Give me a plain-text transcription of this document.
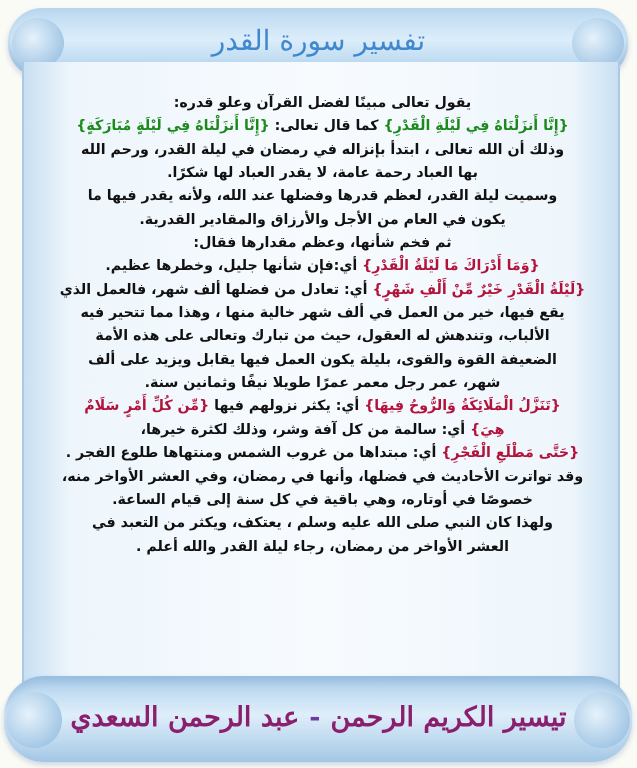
تفسير سورة القدر
يقول تعالى مبينًا لفضل القرآن وعلو قدره:
{إِنَّا أَنزَلْنَاهُ فِي لَيْلَةِ الْقَدْرِ} كما قال تعالى: {إِنَّا أَنزَلْنَاهُ فِي لَيْلَةٍ مُبَارَكَةٍ}
وذلك أن الله تعالى ، ابتدأ بإنزاله في رمضان في ليلة القدر، ورحم الله
بها العباد رحمة عامة، لا يقدر العباد لها شكرًا.
وسميت ليلة القدر، لعظم قدرها وفضلها عند الله، ولأنه يقدر فيها ما
يكون في العام من الأجل والأرزاق والمقادير القدرية.
ثم فخم شأنها، وعظم مقدارها فقال:
{وَمَا أَدْرَاكَ مَا لَيْلَةُ الْقَدْرِ} أي:فإن شأنها جليل، وخطرها عظيم.
{لَيْلَةُ الْقَدْرِ خَيْرٌ مِّنْ أَلْفِ شَهْرٍ} أي: تعادل من فضلها ألف شهر، فالعمل الذي
يقع فيها، خير من العمل في ألف شهر خالية منها ، وهذا مما تتحير فيه
الألباب، وتندهش له العقول، حيث من تبارك وتعالى على هذه الأمة
الضعيفة القوة والقوى، بليلة يكون العمل فيها يقابل ويزيد على ألف
شهر، عمر رجل معمر عمرًا طويلا نيفًا وثمانين سنة.
{تَنَزَّلُ الْمَلَائِكَةُ وَالرُّوحُ فِيهَا} أي: يكثر نزولهم فيها {مِّن كُلِّ أَمْرٍ سَلَامٌ
هِيَ} أي: سالمة من كل آفة وشر، وذلك لكثرة خيرها،
{حَتَّى مَطْلَعِ الْفَجْرِ} أي: مبتداها من غروب الشمس ومنتهاها طلوع الفجر .
وقد تواترت الأحاديث في فضلها، وأنها في رمضان، وفي العشر الأواخر منه،
خصوصًا في أوتاره، وهي باقية في كل سنة إلى قيام الساعة.
ولهذا كان النبي صلى الله عليه وسلم ، يعتكف، ويكثر من التعبد في
العشر الأواخر من رمضان، رجاء ليلة القدر والله أعلم .
تيسير الكريم الرحمن-عبد الرحمن السعدي
